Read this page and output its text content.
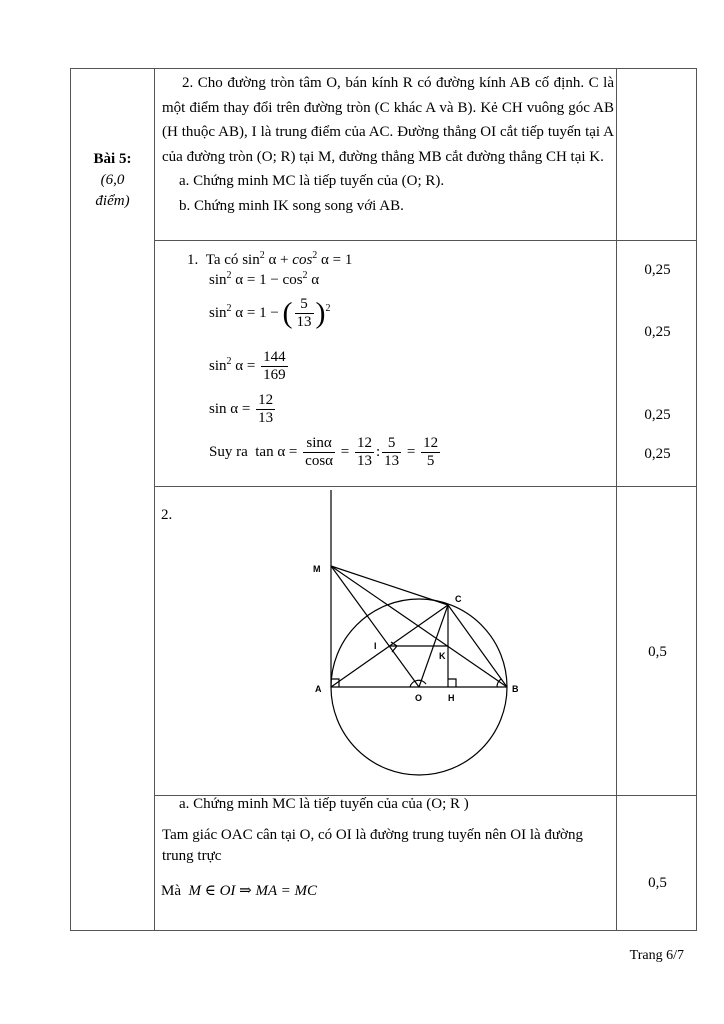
Bài 5:
(6,0
điểm)

2. Cho đường tròn tâm O, bán kính R có đường kính AB cố định. C là một điểm thay đổi trên đường tròn (C khác A và B). Kẻ CH vuông góc AB (H thuộc AB), I là trung điểm của AC. Đường thẳng OI cắt tiếp tuyến tại A của đường tròn (O; R) tại M, đường thẳng MB cắt đường thẳng CH tại K.

a. Chứng minh MC là tiếp tuyến của (O; R).

b. Chứng minh IK song song với AB.

1. Ta có $\sin^2 \alpha + \cos^2 \alpha = 1$
$\sin^2 \alpha = 1 - \cos^2 \alpha$
$\sin^2 \alpha = 1$ − ( $\frac{5}{13} )^2$
$\sin^2 \alpha = \frac{144}{169}$
$\sin \alpha = \frac{12}{13}$
Suy ra  $\tan \alpha = \frac{\sin\alpha}{\cos\alpha} = \frac{12}{13}$ : $\frac{5}{13} = \frac{12}{5}$
0,25
0,25
0,25
0,25
2.
0,5
a. Chứng minh MC là tiếp tuyến của của (O; R )
Tam giác OAC cân tại O, có OI là đường trung tuyến nên OI là đường trung trực
Mà M ∈ OI ⇒ MA = MC	0,5
M
C
I
K
A
O	H
B
Trang 6/7
